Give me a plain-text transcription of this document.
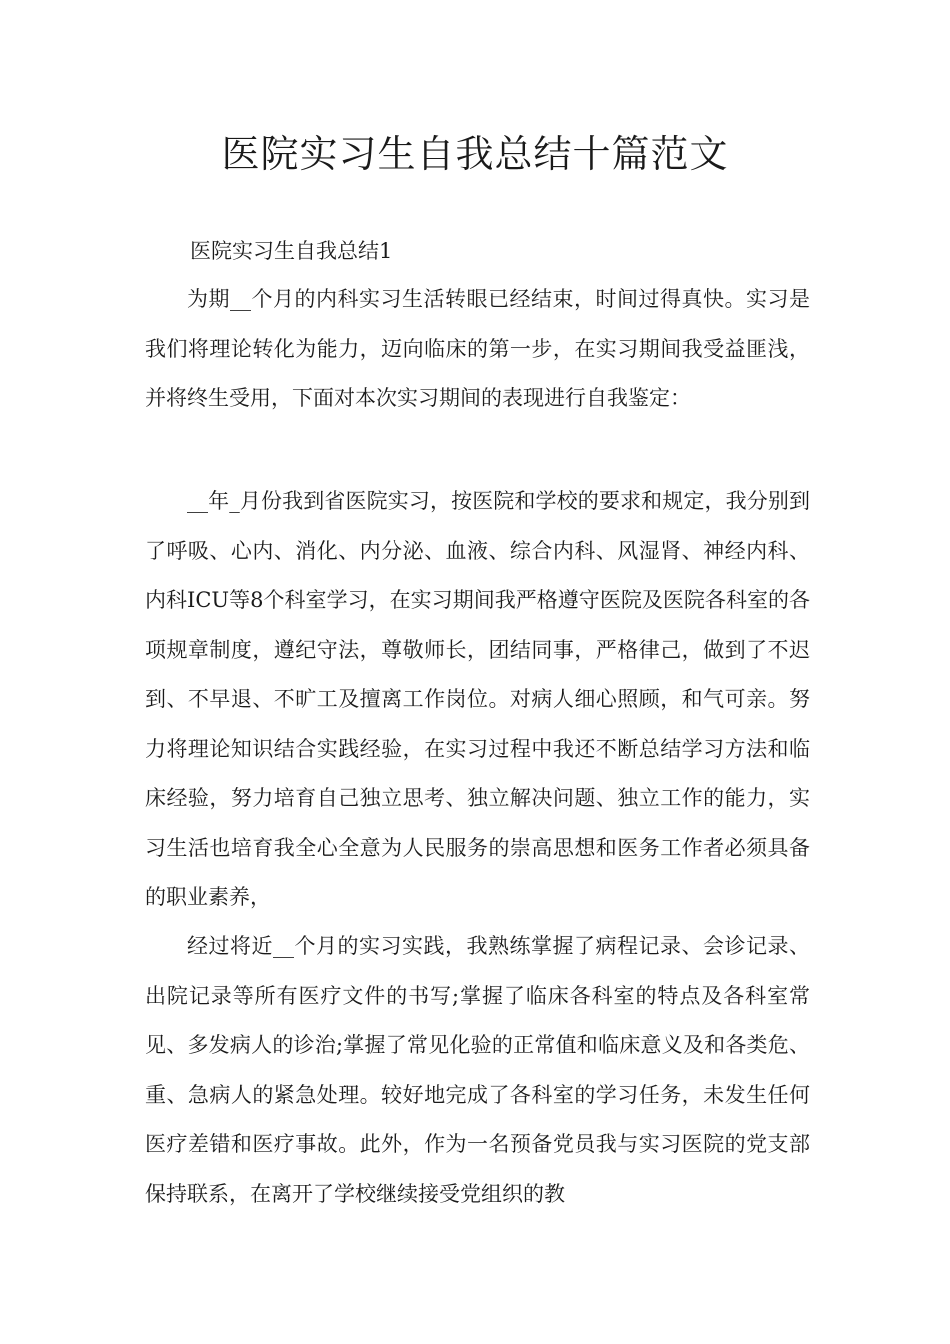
医院实习生自我总结十篇范文

医院实习生自我总结1

为期__个月的内科实习生活转眼已经结束，时间过得真快。实习是我们将理论转化为能力，迈向临床的第一步，在实习期间我受益匪浅，并将终生受用，下面对本次实习期间的表现进行自我鉴定：

__年_月份我到省医院实习，按医院和学校的要求和规定，我分别到了呼吸、心内、消化、内分泌、血液、综合内科、风湿肾、神经内科、内科ICU等8个科室学习，在实习期间我严格遵守医院及医院各科室的各项规章制度，遵纪守法，尊敬师长，团结同事，严格律己，做到了不迟到、不早退、不旷工及擅离工作岗位。对病人细心照顾，和气可亲。努力将理论知识结合实践经验，在实习过程中我还不断总结学习方法和临床经验，努力培育自己独立思考、独立解决问题、独立工作的能力，实习生活也培育我全心全意为人民服务的崇高思想和医务工作者必须具备的职业素养，

经过将近__个月的实习实践，我熟练掌握了病程记录、会诊记录、出院记录等所有医疗文件的书写;掌握了临床各科室的特点及各科室常见、多发病人的诊治;掌握了常见化验的正常值和临床意义及和各类危、重、急病人的紧急处理。较好地完成了各科室的学习任务，未发生任何医疗差错和医疗事故。此外，作为一名预备党员我与实习医院的党支部保持联系，在离开了学校继续接受党组织的教
